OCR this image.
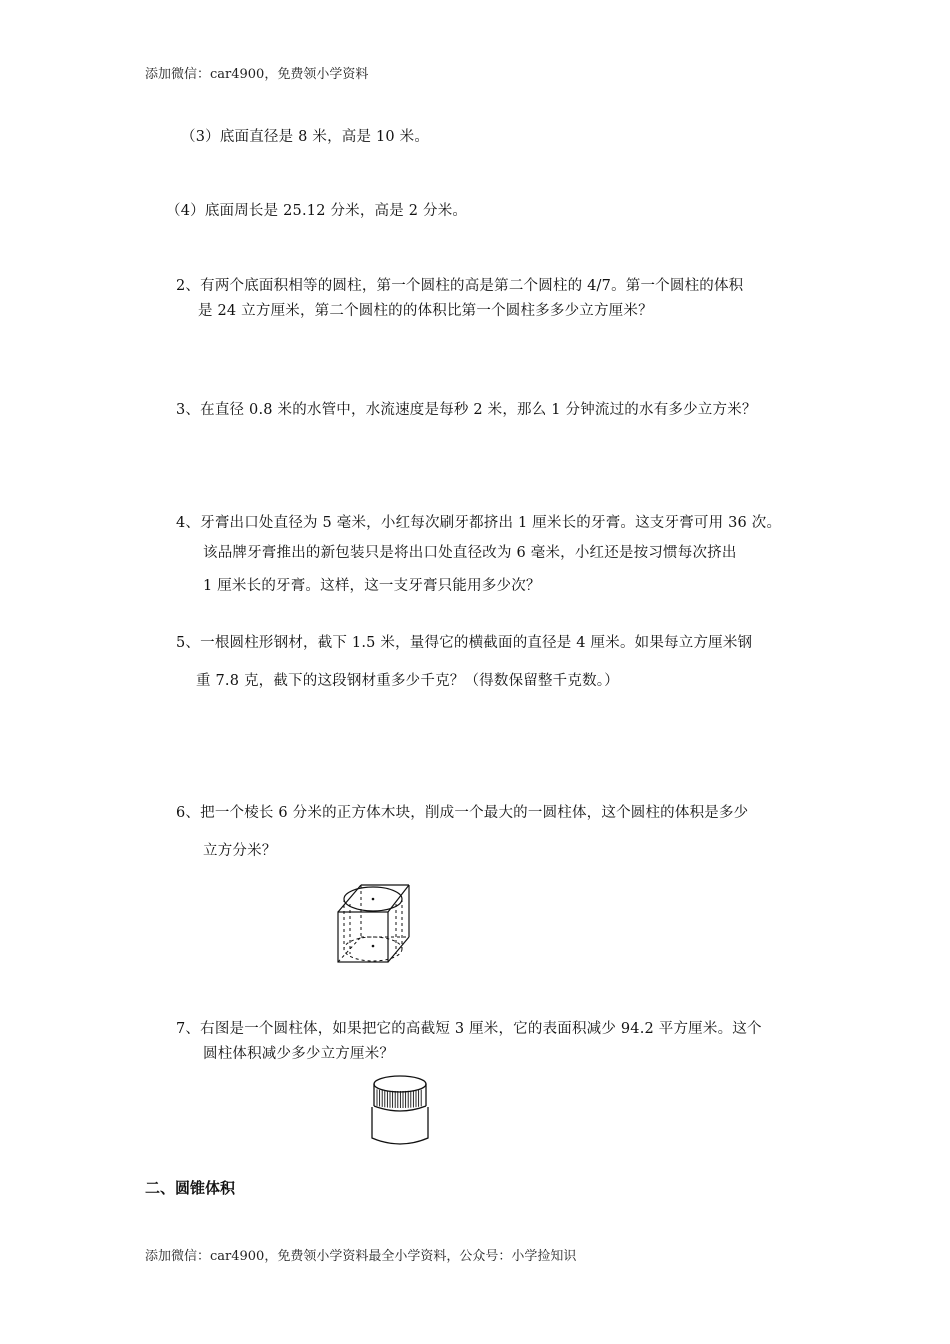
添加微信：car4900，免费领小学资料
（3）底面直径是 8 米，高是 10 米。
（4）底面周长是 25.12 分米，高是 2 分米。
2、有两个底面积相等的圆柱，第一个圆柱的高是第二个圆柱的 4/7。第一个圆柱的体积
是 24 立方厘米，第二个圆柱的的体积比第一个圆柱多多少立方厘米？
3、在直径 0.8 米的水管中，水流速度是每秒 2 米，那么 1 分钟流过的水有多少立方米？
4、牙膏出口处直径为 5 毫米，小红每次刷牙都挤出 1 厘米长的牙膏。这支牙膏可用 36 次。
该品牌牙膏推出的新包装只是将出口处直径改为 6 毫米，小红还是按习惯每次挤出
1 厘米长的牙膏。这样，这一支牙膏只能用多少次？
5、一根圆柱形钢材，截下 1.5 米，量得它的横截面的直径是 4 厘米。如果每立方厘米钢
重 7.8 克，截下的这段钢材重多少千克？（得数保留整千克数。）
6、把一个棱长 6 分米的正方体木块，削成一个最大的一圆柱体，这个圆柱的体积是多少
立方分米？
7、右图是一个圆柱体，如果把它的高截短 3 厘米，它的表面积减少 94.2 平方厘米。这个
圆柱体积减少多少立方厘米？
二、圆锥体积
添加微信：car4900，免费领小学资料最全小学资料，公众号：小学捡知识
